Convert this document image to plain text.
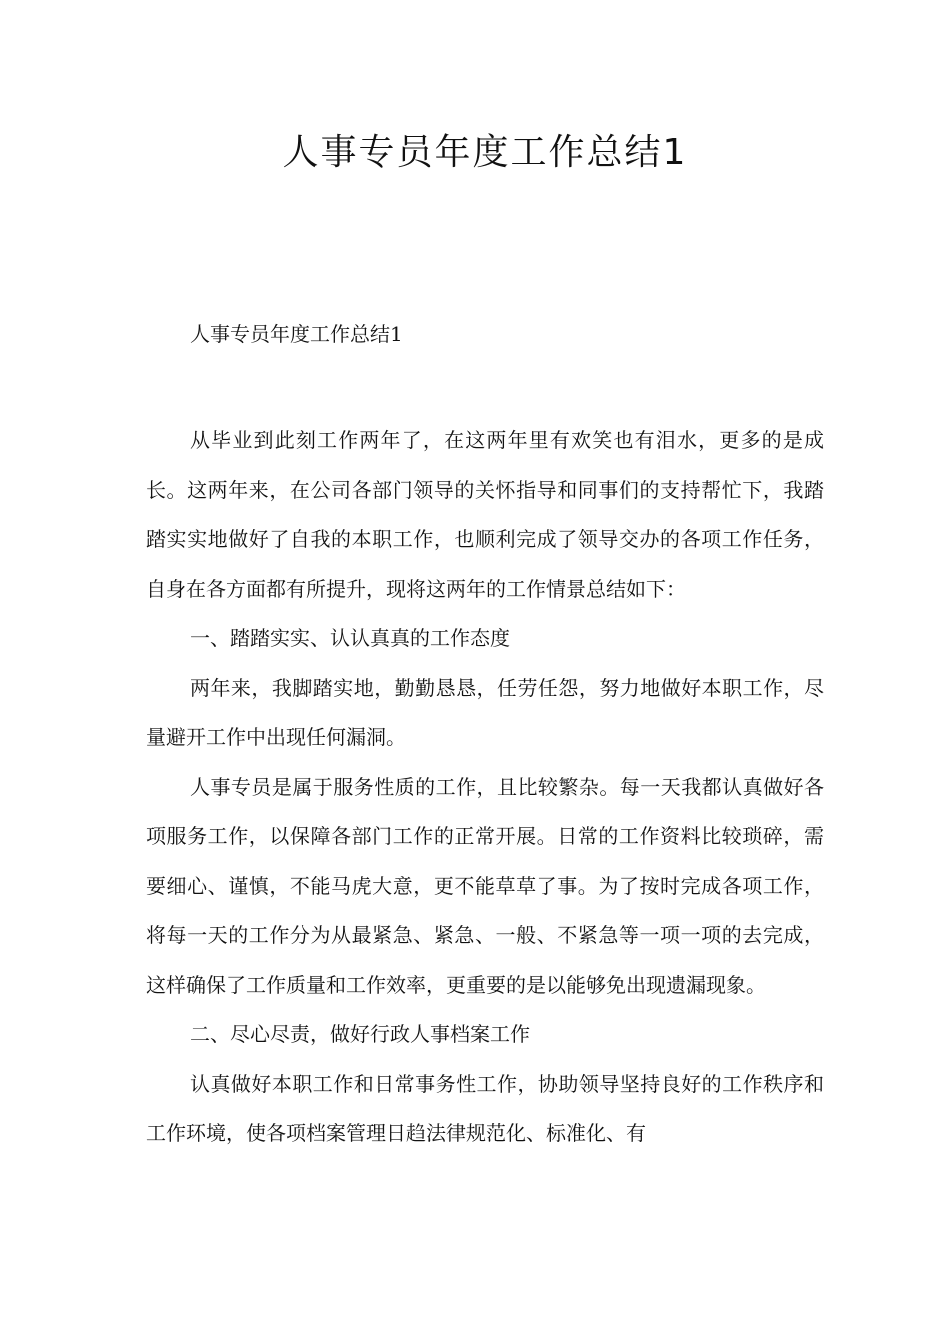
人事专员年度工作总结1

人事专员年度工作总结1

从毕业到此刻工作两年了，在这两年里有欢笑也有泪水，更多的是成长。这两年来，在公司各部门领导的关怀指导和同事们的支持帮忙下，我踏踏实实地做好了自我的本职工作，也顺利完成了领导交办的各项工作任务，自身在各方面都有所提升，现将这两年的工作情景总结如下：

一、踏踏实实、认认真真的工作态度

两年来，我脚踏实地，勤勤恳恳，任劳任怨，努力地做好本职工作，尽量避开工作中出现任何漏洞。

人事专员是属于服务性质的工作，且比较繁杂。每一天我都认真做好各项服务工作，以保障各部门工作的正常开展。日常的工作资料比较琐碎，需要细心、谨慎，不能马虎大意，更不能草草了事。为了按时完成各项工作，将每一天的工作分为从最紧急、紧急、一般、不紧急等一项一项的去完成，这样确保了工作质量和工作效率，更重要的是以能够免出现遗漏现象。

二、尽心尽责，做好行政人事档案工作

认真做好本职工作和日常事务性工作，协助领导坚持良好的工作秩序和工作环境，使各项档案管理日趋法律规范化、标准化、有
